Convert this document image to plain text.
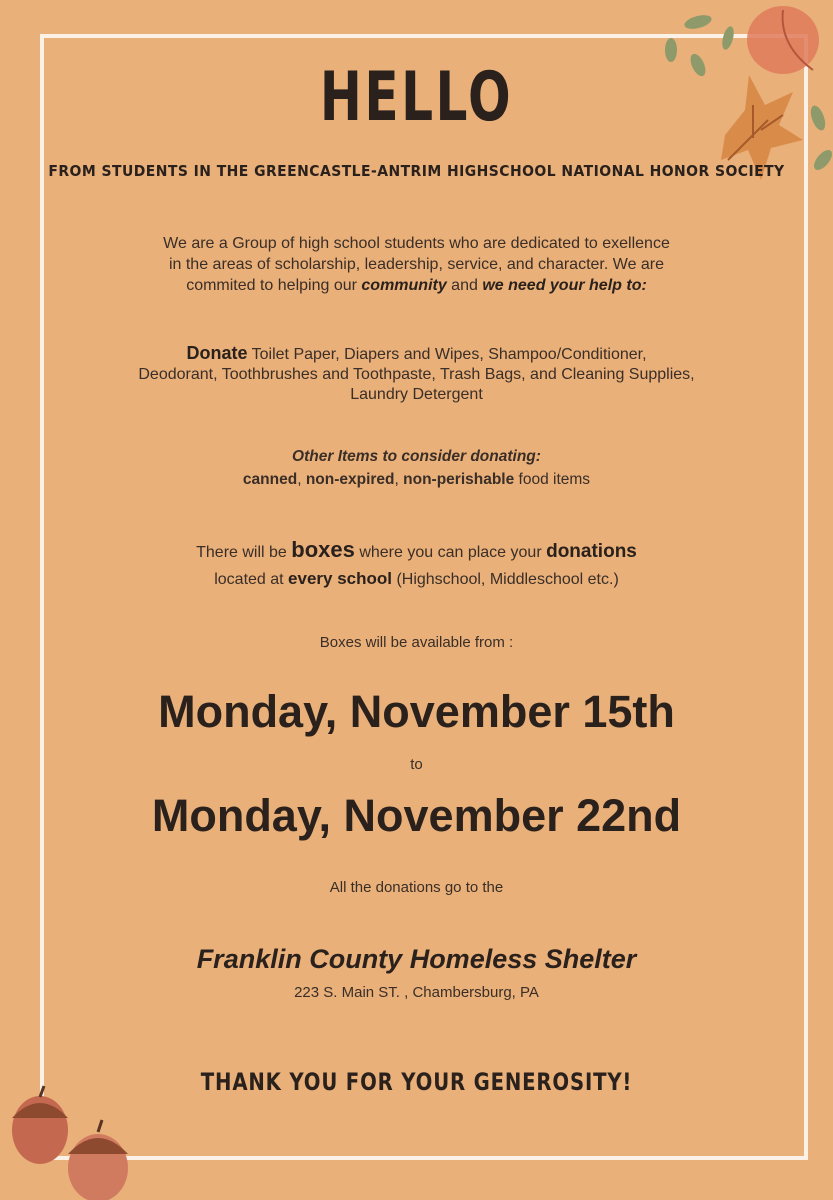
HELLO
FROM STUDENTS IN THE GREENCASTLE-ANTRIM HIGHSCHOOL NATIONAL HONOR SOCIETY
We are a Group of high school students who are dedicated to exellence
in the areas of scholarship, leadership, service, and character. We are
commited to helping our community and we need your help to:
Donate Toilet Paper, Diapers and Wipes, Shampoo/Conditioner,
Deodorant, Toothbrushes and Toothpaste, Trash Bags, and Cleaning Supplies,
Laundry Detergent
Other Items to consider donating:
canned, non-expired, non-perishable food items
There will be boxes where you can place your donations
located at every school (Highschool, Middleschool etc.)
Boxes will be available from :
Monday, November 15th
to
Monday, November 22nd
All the donations go to the
Franklin County Homeless Shelter
223 S. Main ST. , Chambersburg, PA
THANK YOU FOR YOUR GENEROSITY!
